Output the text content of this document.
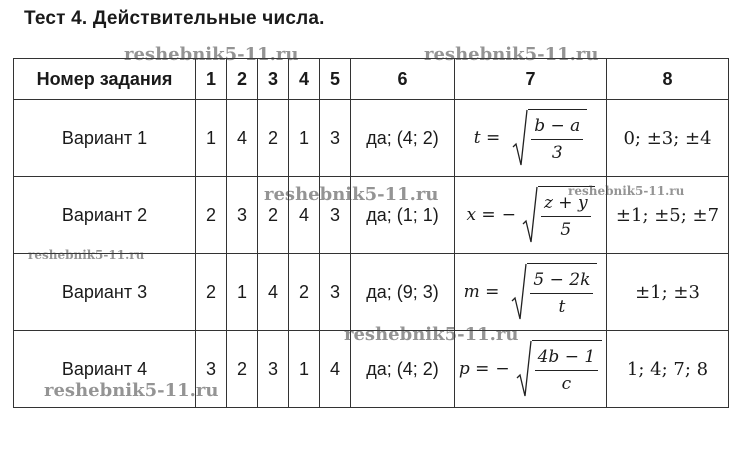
Тест 4. Действительные числа.
Номер задания	1	2	3	4	5	6	7	8
Вариант 1	1	4	2	1	3	да; (4; 2)	$t = \frac{b - a}{3}$	0; ±3; ±4
Вариант 2	2	3	2	4	3	да; (1; 1)	x = − $\frac{z + y}{5}$	±1; ±5; ±7
Вариант 3	2	1	4	2	3	да; (9; 3)	$m = \frac{5 - 2k}{t}$	±1; ±3
Вариант 4	3	2	3	1	4	да; (4; 2)	p = − $\frac{4b - 1}{c}$	1; 4; 7; 8
reshebnik5-11.ru	reshebnik5-11.ru
reshebnik5-11.ru	reshebnik5-11.ru
reshebnik5-11.ru
reshebnik5-11.ru
reshebnik5-11.ru
